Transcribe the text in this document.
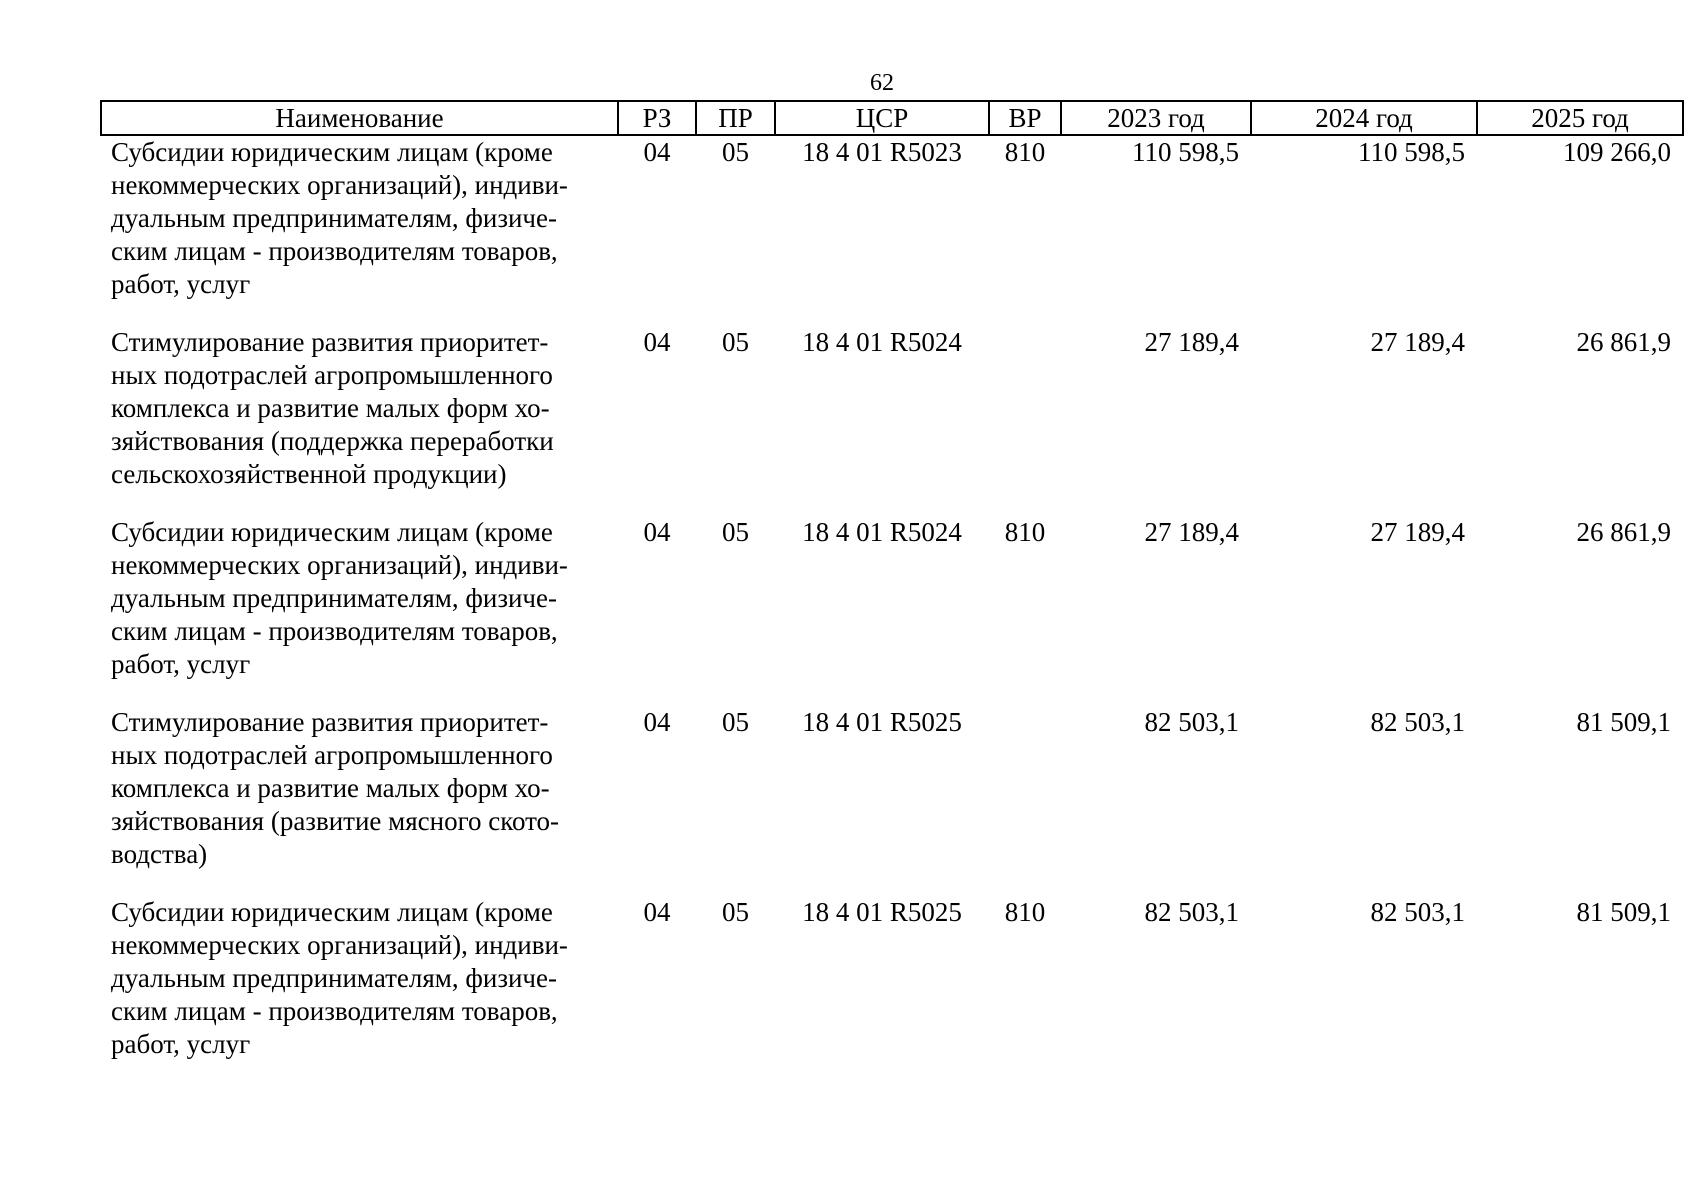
62
Наименование	РЗ	ПР	ЦСР	ВР	2023 год	2024 год	2025 год

Субсидии юридическим лицам (кроме
некоммерческих организаций), индиви-
дуальным предпринимателям, физиче-
ским лицам - производителям товаров,
работ, услуг	04	05	18 4 01 R5023	810	110 598,5	110 598,5	109 266,0

Стимулирование развития приоритет-
ных подотраслей агропромышленного
комплекса и развитие малых форм хо-
зяйствования (поддержка переработки
сельскохозяйственной продукции)	04	05	18 4 01 R5024		27 189,4	27 189,4	26 861,9

Субсидии юридическим лицам (кроме
некоммерческих организаций), индиви-
дуальным предпринимателям, физиче-
ским лицам - производителям товаров,
работ, услуг	04	05	18 4 01 R5024	810	27 189,4	27 189,4	26 861,9

Стимулирование развития приоритет-
ных подотраслей агропромышленного
комплекса и развитие малых форм хо-
зяйствования (развитие мясного ското-
водства)	04	05	18 4 01 R5025		82 503,1	82 503,1	81 509,1

Субсидии юридическим лицам (кроме
некоммерческих организаций), индиви-
дуальным предпринимателям, физиче-
ским лицам - производителям товаров,
работ, услуг	04	05	18 4 01 R5025	810	82 503,1	82 503,1	81 509,1
